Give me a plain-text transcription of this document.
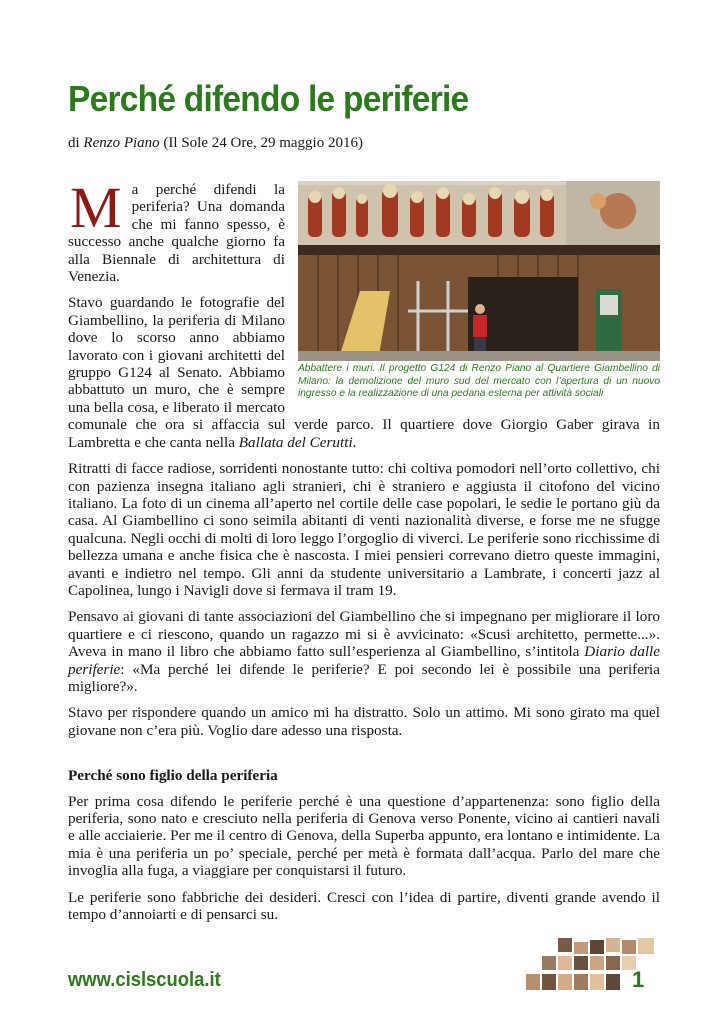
Perché difendo le periferie
di Renzo Piano (Il Sole 24 Ore, 29 maggio 2016)
Abbattere i muri. Il progetto G124 di Renzo Piano al Quartiere Giambellino di Milano: la demolizione del muro sud del mercato con l’apertura di un nuovo ingresso e la realizzazione di una pedana esterna per attività sociali

Ma perché difendi la periferia? Una domanda che mi fanno spesso, è successo anche qualche giorno fa alla Biennale di architettura di Venezia.

Stavo guardando le fotografie del Giambellino, la periferia di Milano dove lo scorso anno abbiamo lavorato con i giovani architetti del gruppo G124 al Senato. Abbiamo abbattuto un muro, che è sempre una bella cosa, e liberato il mercato comunale che ora si affaccia sul verde parco. Il quartiere dove Giorgio Gaber girava in Lambretta e che canta nella Ballata del Cerutti.

Ritratti di facce radiose, sorridenti nonostante tutto: chi coltiva pomodori nell’orto collettivo, chi con pazienza insegna italiano agli stranieri, chi è straniero e aggiusta il citofono del vicino italiano. La foto di un cinema all’aperto nel cortile delle case popolari, le sedie le portano giù da casa. Al Giambellino ci sono seimila abitanti di venti nazionalità diverse, e forse me ne sfugge qualcuna. Negli occhi di molti di loro leggo l’orgoglio di viverci. Le periferie sono ricchissime di bellezza umana e anche fisica che è nascosta. I miei pensieri correvano dietro queste immagini, avanti e indietro nel tempo. Gli anni da studente universitario a Lambrate, i concerti jazz al Capolinea, lungo i Navigli dove si fermava il tram 19.

Pensavo ai giovani di tante associazioni del Giambellino che si impegnano per migliorare il loro quartiere e ci riescono, quando un ragazzo mi si è avvicinato: «Scusi architetto, permette...». Aveva in mano il libro che abbiamo fatto sull’esperienza al Giambellino, s’intitola Diario dalle periferie: «Ma perché lei difende le periferie? E poi secondo lei è possibile una periferia migliore?».

Stavo per rispondere quando un amico mi ha distratto. Solo un attimo. Mi sono girato ma quel giovane non c’era più. Voglio dare adesso una risposta.

Perché sono figlio della periferia

Per prima cosa difendo le periferie perché è una questione d’appartenenza: sono figlio della periferia, sono nato e cresciuto nella periferia di Genova verso Ponente, vicino ai cantieri navali e alle acciaierie. Per me il centro di Genova, della Superba appunto, era lontano e intimidente. La mia è una periferia un po’ speciale, perché per metà è formata dall’acqua. Parlo del mare che invoglia alla fuga, a viaggiare per conquistarsi il futuro.

Le periferie sono fabbriche dei desideri. Cresci con l’idea di partire, diventi grande avendo il tempo d’annoiarti e di pensarci su.

www.cislscuola.it	1
